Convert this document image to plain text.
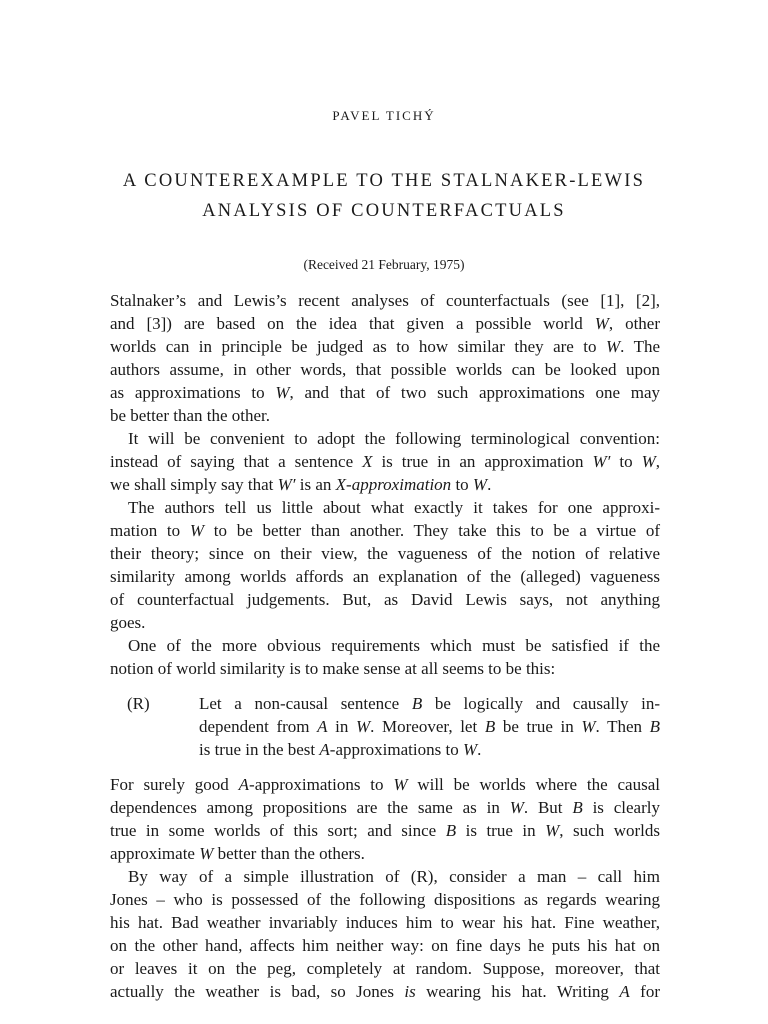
PAVEL TICHÝ
A COUNTEREXAMPLE TO THE STALNAKER-LEWIS
ANALYSIS OF COUNTERFACTUALS
(Received 21 February, 1975)

Stalnaker’s and Lewis’s recent analyses of counterfactuals (see [1], [2],
and [3]) are based on the idea that given a possible world W, other
worlds can in principle be judged as to how similar they are to W. The
authors assume, in other words, that possible worlds can be looked upon
as approximations to W, and that of two such approximations one may
be better than the other.

It will be convenient to adopt the following terminological convention:
instead of saying that a sentence X is true in an approximation W′ to W,
we shall simply say that W′ is an X-approximation to W.

The authors tell us little about what exactly it takes for one approxi-
mation to W to be better than another. They take this to be a virtue of
their theory; since on their view, the vagueness of the notion of relative
similarity among worlds affords an explanation of the (alleged) vagueness
of counterfactual judgements. But, as David Lewis says, not anything
goes.

One of the more obvious requirements which must be satisfied if the
notion of world similarity is to make sense at all seems to be this:

(R)	Let a non-causal sentence B be logically and causally in-
dependent from A in W. Moreover, let B be true in W. Then B
is true in the best A-approximations to W.

For surely good A-approximations to W will be worlds where the causal
dependences among propositions are the same as in W. But B is clearly
true in some worlds of this sort; and since B is true in W, such worlds
approximate W better than the others.

By way of a simple illustration of (R), consider a man – call him
Jones – who is possessed of the following dispositions as regards wearing
his hat. Bad weather invariably induces him to wear his hat. Fine weather,
on the other hand, affects him neither way: on fine days he puts his hat on
or leaves it on the peg, completely at random. Suppose, moreover, that
actually the weather is bad, so Jones is wearing his hat. Writing A for
